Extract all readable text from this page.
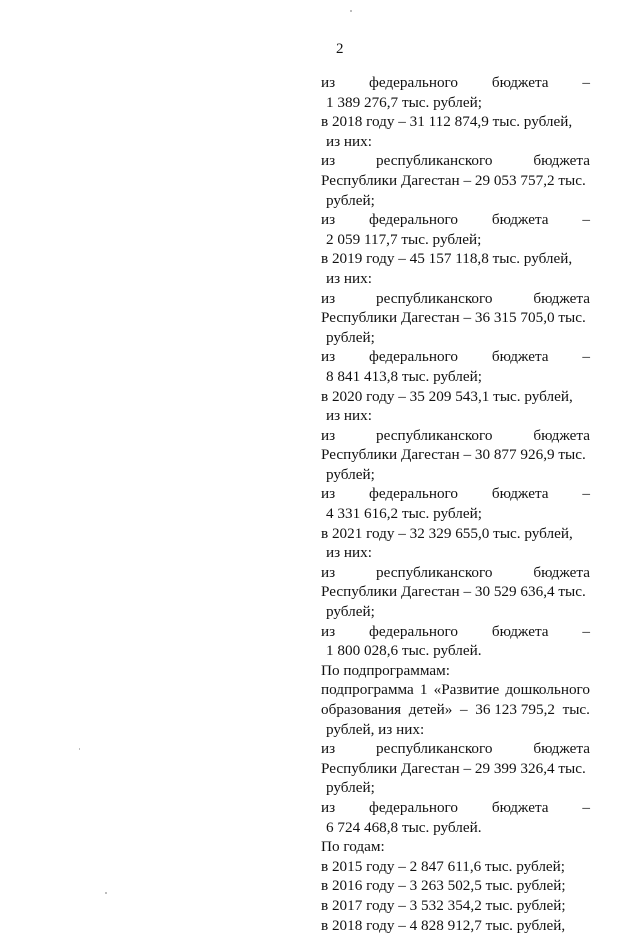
2
из федерального бюджета –
1 389 276,7 тыс. рублей;
в 2018 году – 31 112 874,9 тыс. рублей,
из них:
из	республиканского	бюджета
Республики Дагестан – 29 053 757,2 тыс.
рублей;
из федерального бюджета –
2 059 117,7 тыс. рублей;
в 2019 году – 45 157 118,8 тыс. рублей,
из них:
из	республиканского	бюджета
Республики Дагестан – 36 315 705,0 тыс.
рублей;
из федерального бюджета –
8 841 413,8 тыс. рублей;
в 2020 году – 35 209 543,1 тыс. рублей,
из них:
из	республиканского	бюджета
Республики Дагестан – 30 877 926,9 тыс.
рублей;
из федерального бюджета –
4 331 616,2 тыс. рублей;
в 2021 году – 32 329 655,0 тыс. рублей,
из них:
из	республиканского	бюджета
Республики Дагестан – 30 529 636,4 тыс.
рублей;
из федерального бюджета –
1 800 028,6 тыс. рублей.
По подпрограммам:
подпрограмма 1 «Развитие дошкольного
образования детей» – 36 123 795,2 тыс.
рублей, из них:
из	республиканского	бюджета
Республики Дагестан – 29 399 326,4 тыс.
рублей;
из федерального бюджета –
6 724 468,8 тыс. рублей.
По годам:
в 2015 году – 2 847 611,6 тыс. рублей;
в 2016 году – 3 263 502,5 тыс. рублей;
в 2017 году – 3 532 354,2 тыс. рублей;
в 2018 году – 4 828 912,7 тыс. рублей,
